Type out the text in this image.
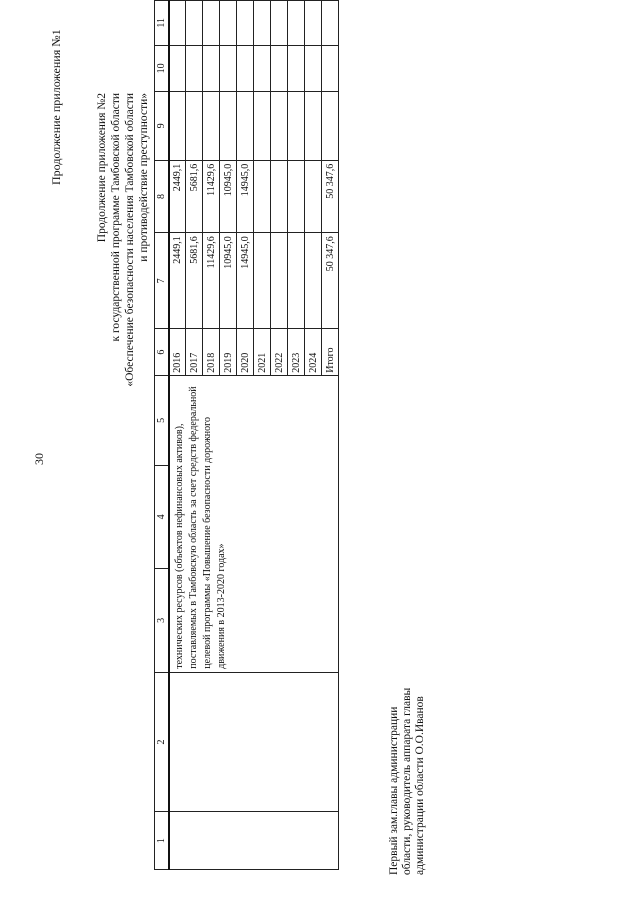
30
Продолжение приложения №1	Продолжение приложения №2 к государственной программе Тамбовской области «Обеспечение безопасности населения Тамбовской области и противодействие преступности»
1	2	3	4	5	6	7	8	9	10	11
		технических ресурсов (объектов нефинансовых активов), поставляемых в Тамбовскую область за счет средств федеральной целевой программы «Повышение безопасности дорожного движения в 2013-2020 годах»			2016	2449,1	2449,1			
					2017	5681,6	5681,6			
					2018	11429,6	11429,6			
					2019	10945,0	10945,0			
					2020	14945,0	14945,0			
					2021					
					2022					
					2023					
					2024					
					Итого	50 347,6	50 347,6			
Первый зам.главы администрации области, руководитель аппарата главы администрации области О.О.Иванов
